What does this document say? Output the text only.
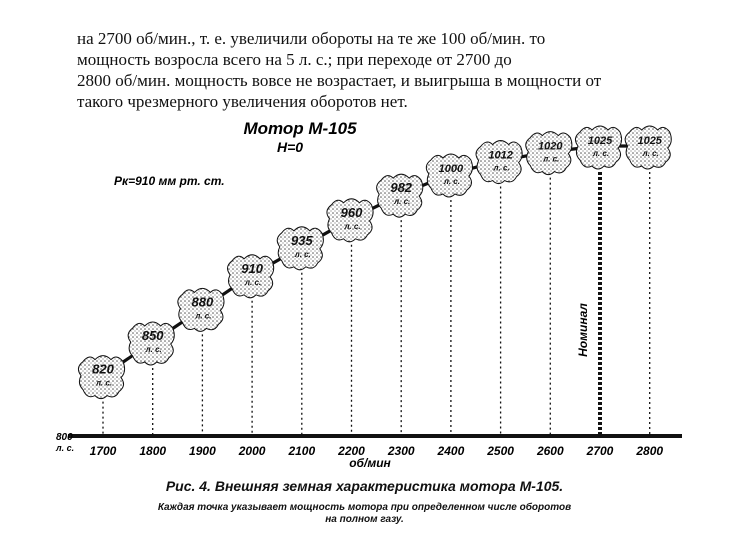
на 2700 об/мин., т. е. увеличили обороты на те же 100 об/мин. то
мощность возросла всего на 5 л. с.; при переходе от 2700 до
2800 об/мин. мощность вовсе не возрастает, и выигрыша в мощности от
такого чрезмерного увеличения оборотов нет.

Мотор М-105
H=0
Рк=910 мм рт. ст.
820
л. с.
850
л. с.
880
л. с.
910
л. с.
935
л. с.
960
л. с.
982
л. с.
1000
л. с.
1012
л. с.
1020
л. с.
1025
л. с.
1025
л. с.
1700 1800 1900 2000 2100 2200 2300 2400 2500 2600 2700 2800
800
л. с.
об/мин
Номинал

Рис. 4. Внешняя земная характеристика мотора М-105.

Каждая точка указывает мощность мотора при определенном числе оборотов
на полном газу.
